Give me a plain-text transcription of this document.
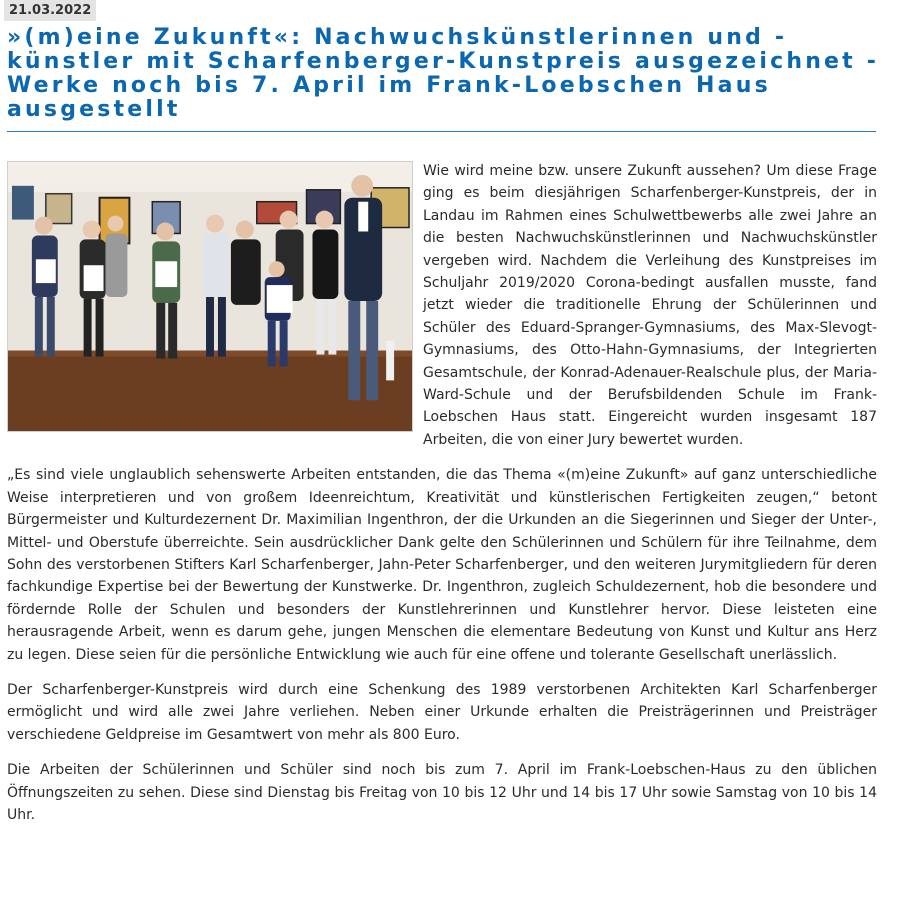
21.03.2022
»(m)eine Zukunft«: Nachwuchskünstlerinnen und -künstler mit Scharfenberger-Kunstpreis ausgezeichnet - Werke noch bis 7. April im Frank-Loebschen Haus ausgestellt

Wie wird meine bzw. unsere Zukunft aussehen? Um diese Frage ging es beim diesjährigen Scharfenberger-Kunstpreis, der in Landau im Rahmen eines Schulwettbewerbs alle zwei Jahre an die besten Nachwuchskünstlerinnen und Nachwuchskünstler vergeben wird. Nachdem die Verleihung des Kunstpreises im Schuljahr 2019/2020 Corona-bedingt ausfallen musste, fand jetzt wieder die traditionelle Ehrung der Schülerinnen und Schüler des Eduard-Spranger-Gymnasiums, des Max-Slevogt-Gymnasiums, des Otto-Hahn-Gymnasiums, der Integrierten Gesamtschule, der Konrad-Adenauer-Realschule plus, der Maria-Ward-Schule und der Berufsbildenden Schule im Frank-Loebschen Haus statt. Eingereicht wurden insgesamt 187 Arbeiten, die von einer Jury bewertet wurden.

„Es sind viele unglaublich sehenswerte Arbeiten entstanden, die das Thema «(m)eine Zukunft» auf ganz unterschiedliche Weise interpretieren und von großem Ideenreichtum, Kreativität und künstlerischen Fertigkeiten zeugen,“ betont Bürgermeister und Kulturdezernent Dr. Maximilian Ingenthron, der die Urkunden an die Siegerinnen und Sieger der Unter-, Mittel- und Oberstufe überreichte. Sein ausdrücklicher Dank gelte den Schülerinnen und Schülern für ihre Teilnahme, dem Sohn des verstorbenen Stifters Karl Scharfenberger, Jahn-Peter Scharfenberger, und den weiteren Jurymitgliedern für deren fachkundige Expertise bei der Bewertung der Kunstwerke. Dr. Ingenthron, zugleich Schuldezernent, hob die besondere und fördernde Rolle der Schulen und besonders der Kunstlehrerinnen und Kunstlehrer hervor. Diese leisteten eine herausragende Arbeit, wenn es darum gehe, jungen Menschen die elementare Bedeutung von Kunst und Kultur ans Herz zu legen. Diese seien für die persönliche Entwicklung wie auch für eine offene und tolerante Gesellschaft unerlässlich.

Der Scharfenberger-Kunstpreis wird durch eine Schenkung des 1989 verstorbenen Architekten Karl Scharfenberger ermöglicht und wird alle zwei Jahre verliehen. Neben einer Urkunde erhalten die Preisträgerinnen und Preisträger verschiedene Geldpreise im Gesamtwert von mehr als 800 Euro.

Die Arbeiten der Schülerinnen und Schüler sind noch bis zum 7. April im Frank-Loebschen-Haus zu den üblichen Öffnungszeiten zu sehen. Diese sind Dienstag bis Freitag von 10 bis 12 Uhr und 14 bis 17 Uhr sowie Samstag von 10 bis 14 Uhr.
